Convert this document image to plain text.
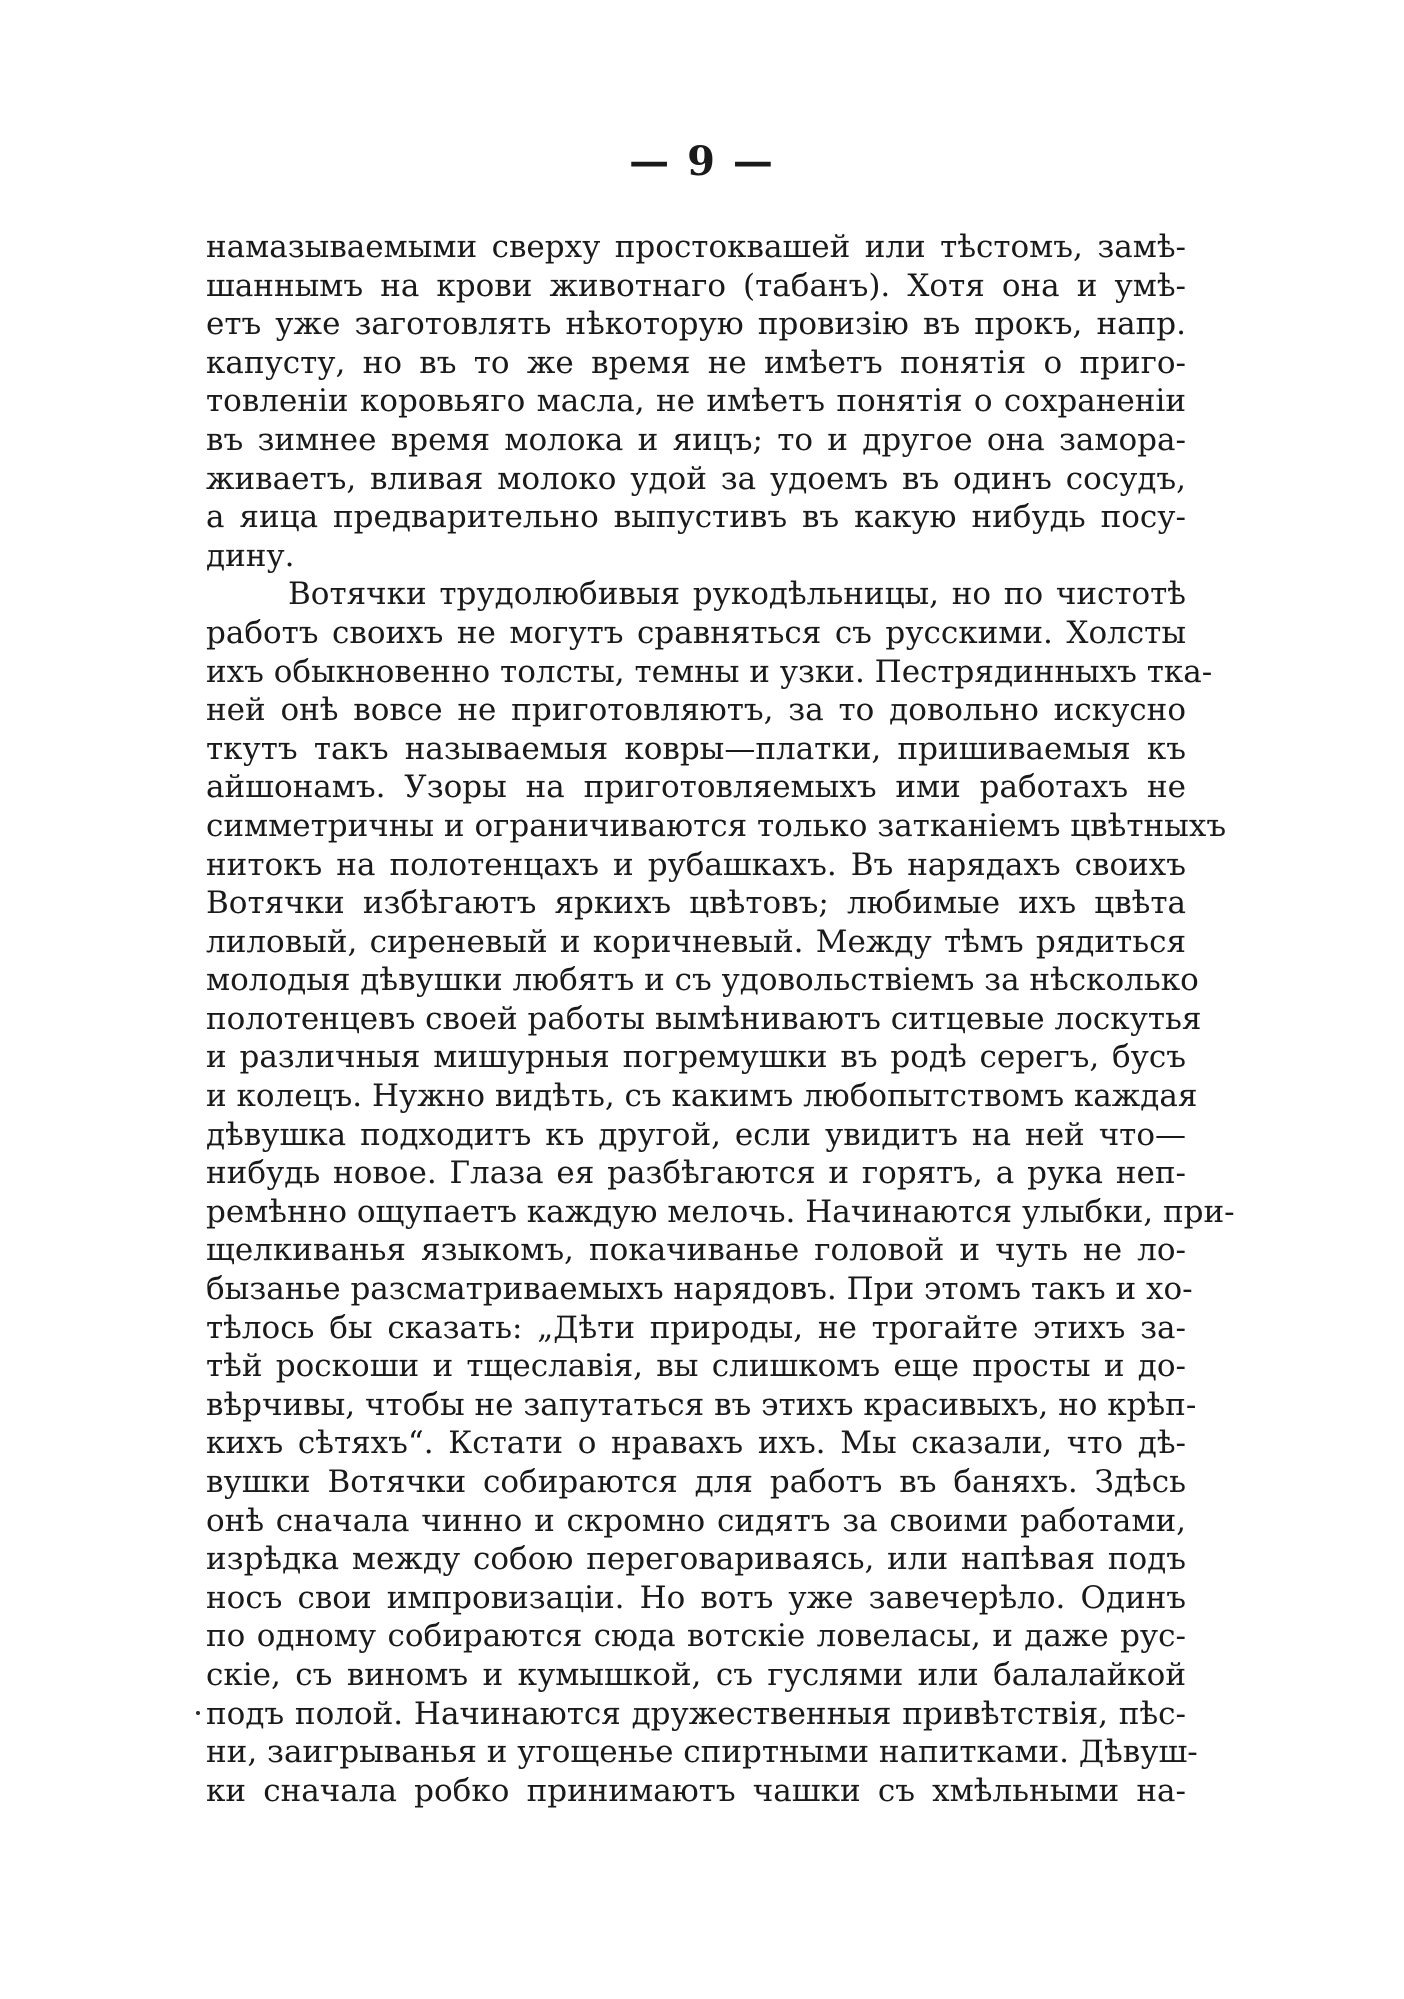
— 9 —
намазываемыми сверху простоквашей или тѣстомъ, замѣ-
шаннымъ на крови животнаго (табанъ). Хотя она и умѣ-
етъ уже заготовлять нѣкоторую провизію въ прокъ, напр.
капусту, но въ то же время не имѣетъ понятія о приго-
товленіи коровьяго масла, не имѣетъ понятія о сохраненіи
въ зимнее время молока и яицъ; то и другое она замора-
живаетъ, вливая молоко удой за удоемъ въ одинъ сосудъ,
а яица предварительно выпустивъ въ какую нибудь посу-
дину.
Вотячки трудолюбивыя рукодѣльницы, но по чистотѣ
работъ своихъ не могутъ сравняться съ русскими. Холсты
ихъ обыкновенно толсты, темны и узки. Пестрядинныхъ тка-
ней онѣ вовсе не приготовляютъ, за то довольно искусно
ткутъ такъ называемыя ковры—платки, пришиваемыя къ
айшонамъ. Узоры на приготовляемыхъ ими работахъ не
симметричны и ограничиваются только затканіемъ цвѣтныхъ
нитокъ на полотенцахъ и рубашкахъ. Въ нарядахъ своихъ
Вотячки избѣгаютъ яркихъ цвѣтовъ; любимые ихъ цвѣта
лиловый, сиреневый и коричневый. Между тѣмъ рядиться
молодыя дѣвушки любятъ и съ удовольствіемъ за нѣсколько
полотенцевъ своей работы вымѣниваютъ ситцевые лоскутья
и различныя мишурныя погремушки въ родѣ серегъ, бусъ
и колецъ. Нужно видѣть, съ какимъ любопытствомъ каждая
дѣвушка подходитъ къ другой, если увидитъ на ней что—
нибудь новое. Глаза ея разбѣгаются и горятъ, а рука неп-
ремѣнно ощупаетъ каждую мелочь. Начинаются улыбки, при-
щелкиванья языкомъ, покачиванье головой и чуть не ло-
бызанье разсматриваемыхъ нарядовъ. При этомъ такъ и хо-
тѣлось бы сказать: „Дѣти природы, не трогайте этихъ за-
тѣй роскоши и тщеславія, вы слишкомъ еще просты и до-
вѣрчивы, чтобы не запутаться въ этихъ красивыхъ, но крѣп-
кихъ сѣтяхъ“. Кстати о нравахъ ихъ. Мы сказали, что дѣ-
вушки Вотячки собираются для работъ въ баняхъ. Здѣсь
онѣ сначала чинно и скромно сидятъ за своими работами,
изрѣдка между собою переговариваясь, или напѣвая подъ
носъ свои импровизаціи. Но вотъ уже завечерѣло. Одинъ
по одному собираются сюда вотскіе ловеласы, и даже рус-
скіе, съ виномъ и кумышкой, съ гуслями или балалайкой
подъ полой. Начинаются дружественныя привѣтствія, пѣс-
ни, заигрыванья и угощенье спиртными напитками. Дѣвуш-
ки сначала робко принимаютъ чашки съ хмѣльными на-
